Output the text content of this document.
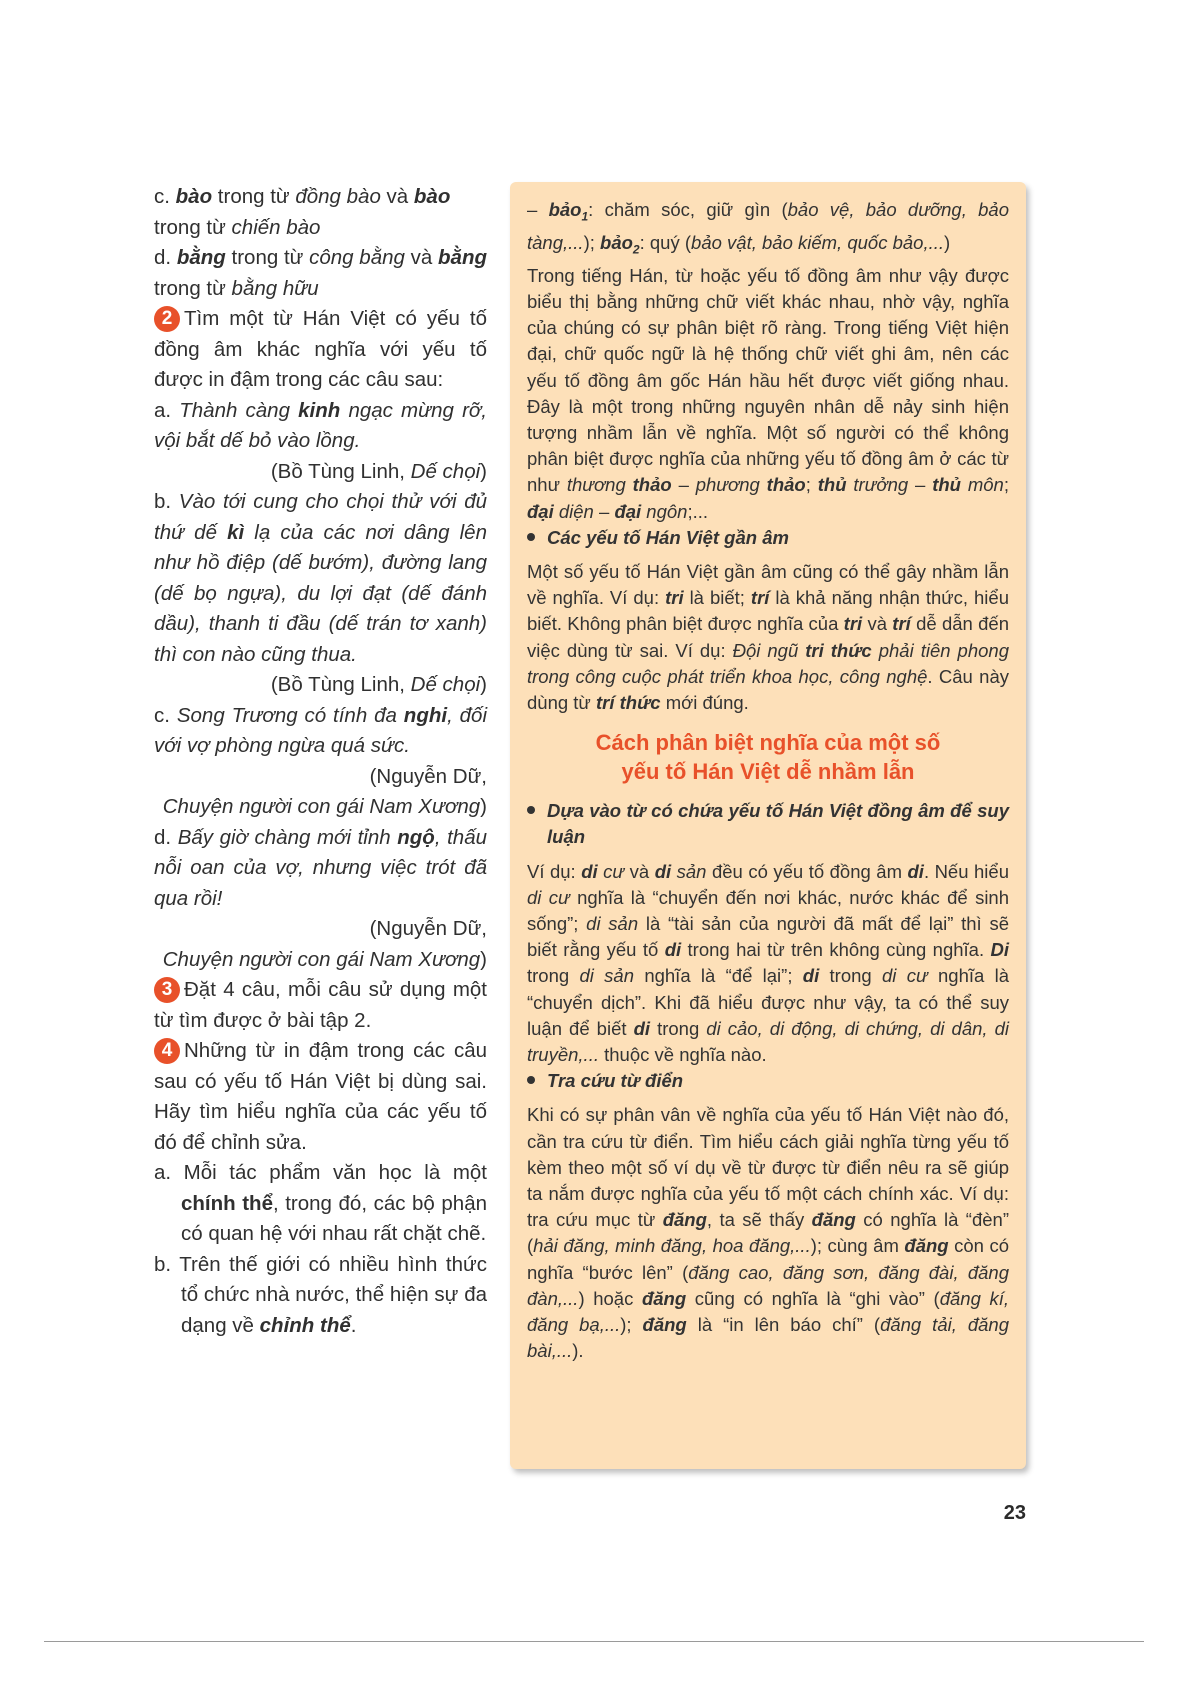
c. bào trong từ đồng bào và bào trong từ chiến bào

d. bằng trong từ công bằng và bằng trong từ bằng hữu

2 Tìm một từ Hán Việt có yếu tố đồng âm khác nghĩa với yếu tố được in đậm trong các câu sau:

a. Thành càng kinh ngạc mừng rỡ, vội bắt dế bỏ vào lồng.

(Bồ Tùng Linh, Dế chọi)

b. Vào tới cung cho chọi thử với đủ thứ dế kì lạ của các nơi dâng lên như hồ điệp (dế bướm), đường lang (dế bọ ngựa), du lợi đạt (dế đánh dầu), thanh ti đầu (dế trán tơ xanh) thì con nào cũng thua.

(Bồ Tùng Linh, Dế chọi)

c. Song Trương có tính đa nghi, đối với vợ phòng ngừa quá sức.

(Nguyễn Dữ,

Chuyện người con gái Nam Xương)

d. Bấy giờ chàng mới tỉnh ngộ, thấu nỗi oan của vợ, nhưng việc trót đã qua rồi!

(Nguyễn Dữ,

Chuyện người con gái Nam Xương)

3 Đặt 4 câu, mỗi câu sử dụng một từ tìm được ở bài tập 2.

4 Những từ in đậm trong các câu sau có yếu tố Hán Việt bị dùng sai. Hãy tìm hiểu nghĩa của các yếu tố đó để chỉnh sửa.

a. Mỗi tác phẩm văn học là một chính thể, trong đó, các bộ phận có quan hệ với nhau rất chặt chẽ.

b. Trên thế giới có nhiều hình thức tổ chức nhà nước, thể hiện sự đa dạng về chỉnh thể.

– bảo$_1$: chăm sóc, giữ gìn (bảo vệ, bảo dưỡng, bảo tàng,...); bảo$_2$: quý (bảo vật, bảo kiếm, quốc bảo,...)

Trong tiếng Hán, từ hoặc yếu tố đồng âm như vậy được biểu thị bằng những chữ viết khác nhau, nhờ vậy, nghĩa của chúng có sự phân biệt rõ ràng. Trong tiếng Việt hiện đại, chữ quốc ngữ là hệ thống chữ viết ghi âm, nên các yếu tố đồng âm gốc Hán hầu hết được viết giống nhau. Đây là một trong những nguyên nhân dễ nảy sinh hiện tượng nhầm lẫn về nghĩa. Một số người có thể không phân biệt được nghĩa của những yếu tố đồng âm ở các từ như thương thảo – phương thảo; thủ trưởng – thủ môn; đại diện – đại ngôn;...

Các yếu tố Hán Việt gần âm

Một số yếu tố Hán Việt gần âm cũng có thể gây nhầm lẫn về nghĩa. Ví dụ: tri là biết; trí là khả năng nhận thức, hiểu biết. Không phân biệt được nghĩa của tri và trí dễ dẫn đến việc dùng từ sai. Ví dụ: Đội ngũ tri thức phải tiên phong trong công cuộc phát triển khoa học, công nghệ. Câu này dùng từ trí thức mới đúng.

Cách phân biệt nghĩa của một số
yếu tố Hán Việt dễ nhầm lẫn

Dựa vào từ có chứa yếu tố Hán Việt đồng âm để suy luận

Ví dụ: di cư và di sản đều có yếu tố đồng âm di. Nếu hiểu di cư nghĩa là “chuyển đến nơi khác, nước khác để sinh sống”; di sản là “tài sản của người đã mất để lại” thì sẽ biết rằng yếu tố di trong hai từ trên không cùng nghĩa. Di trong di sản nghĩa là “để lại”; di trong di cư nghĩa là “chuyển dịch”. Khi đã hiểu được như vậy, ta có thể suy luận để biết di trong di cảo, di động, di chứng, di dân, di truyền,... thuộc về nghĩa nào.

Tra cứu từ điển

Khi có sự phân vân về nghĩa của yếu tố Hán Việt nào đó, cần tra cứu từ điển. Tìm hiểu cách giải nghĩa từng yếu tố kèm theo một số ví dụ về từ được từ điển nêu ra sẽ giúp ta nắm được nghĩa của yếu tố một cách chính xác. Ví dụ: tra cứu mục từ đăng, ta sẽ thấy đăng có nghĩa là “đèn” (hải đăng, minh đăng, hoa đăng,...); cùng âm đăng còn có nghĩa “bước lên” (đăng cao, đăng sơn, đăng đài, đăng đàn,...) hoặc đăng cũng có nghĩa là “ghi vào” (đăng kí, đăng bạ,...); đăng là “in lên báo chí” (đăng tải, đăng bài,...).

23
